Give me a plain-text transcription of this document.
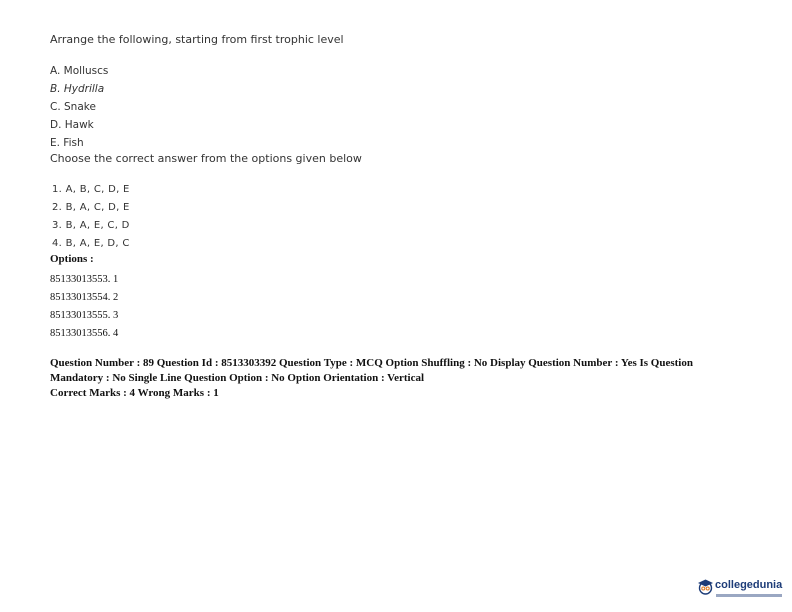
Arrange the following, starting from first trophic level
A. Molluscs
B. Hydrilla
C. Snake
D. Hawk
E. Fish
Choose the correct answer from the options given below
1. A, B, C, D, E
2. B, A, C, D, E
3. B, A, E, C, D
4. B, A, E, D, C
Options :
85133013553. 1
85133013554. 2
85133013555. 3
85133013556. 4
Question Number : 89 Question Id : 8513303392 Question Type : MCQ Option Shuffling : No Display Question Number : Yes Is Question Mandatory : No Single Line Question Option : No Option Orientation : Vertical
Correct Marks : 4 Wrong Marks : 1
collegedunia
